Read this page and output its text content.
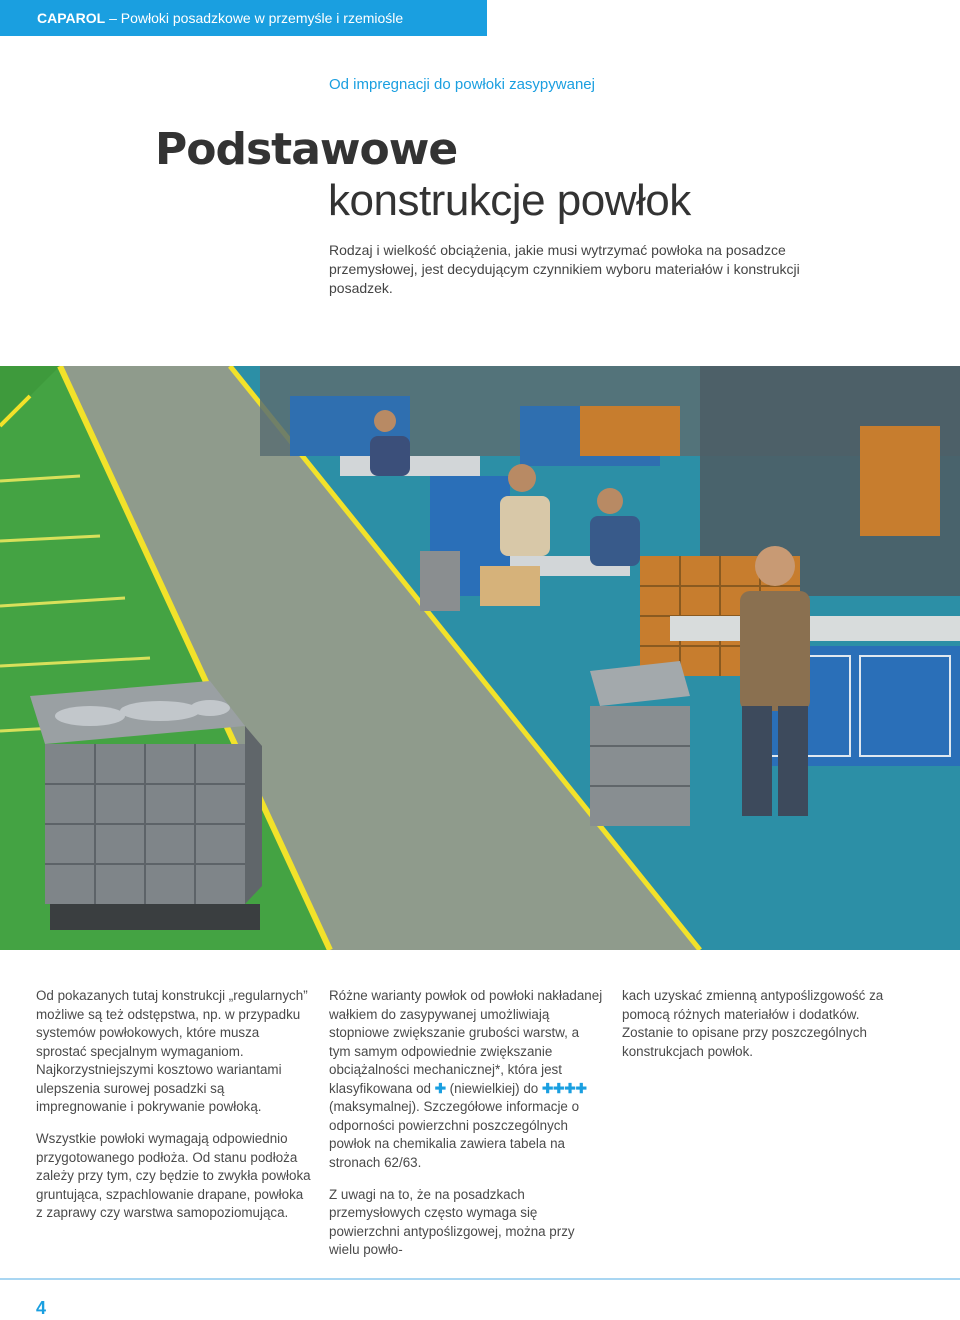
CAPAROL – Powłoki posadzkowe w przemyśle i rzemiośle
Od impregnacji do powłoki zasypywanej
Podstawowe
konstrukcje powłok
Rodzaj i wielkość obciążenia, jakie musi wytrzymać powłoka na posadzce przemysłowej, jest decydującym czynnikiem wyboru materiałów i konstrukcji posadzek.

Od pokazanych tutaj konstrukcji „regularnych” możliwe są też odstępstwa, np. w przypadku systemów powłokowych, które musza sprostać specjalnym wymaganiom. Najkorzystniejszymi kosztowo wariantami ulepszenia surowej posadzki są impregnowanie i pokrywanie powłoką.

Wszystkie powłoki wymagają odpowiednio przygotowanego podłoża. Od stanu podłoża zależy przy tym, czy będzie to zwykła powłoka gruntująca, szpachlowanie drapane, powłoka z zaprawy czy warstwa samopoziomująca.

Różne warianty powłok od powłoki nakładanej wałkiem do zasypywanej umożliwiają stopniowe zwiększanie grubości warstw, a tym samym odpowiednie zwiększanie obciążalności mechanicznej*, która jest klasyfikowana od ✚ (niewielkiej) do ✚✚✚✚ (maksymalnej). Szczegółowe informacje o odporności powierzchni poszczególnych powłok na chemikalia zawiera tabela na stronach 62/63.

Z uwagi na to, że na posadzkach przemysłowych często wymaga się powierzchni antypoślizgowej, można przy wielu powło-

kach uzyskać zmienną antypoślizgowość za pomocą różnych materiałów i dodatków. Zostanie to opisane przy poszczególnych konstrukcjach powłok.

4
